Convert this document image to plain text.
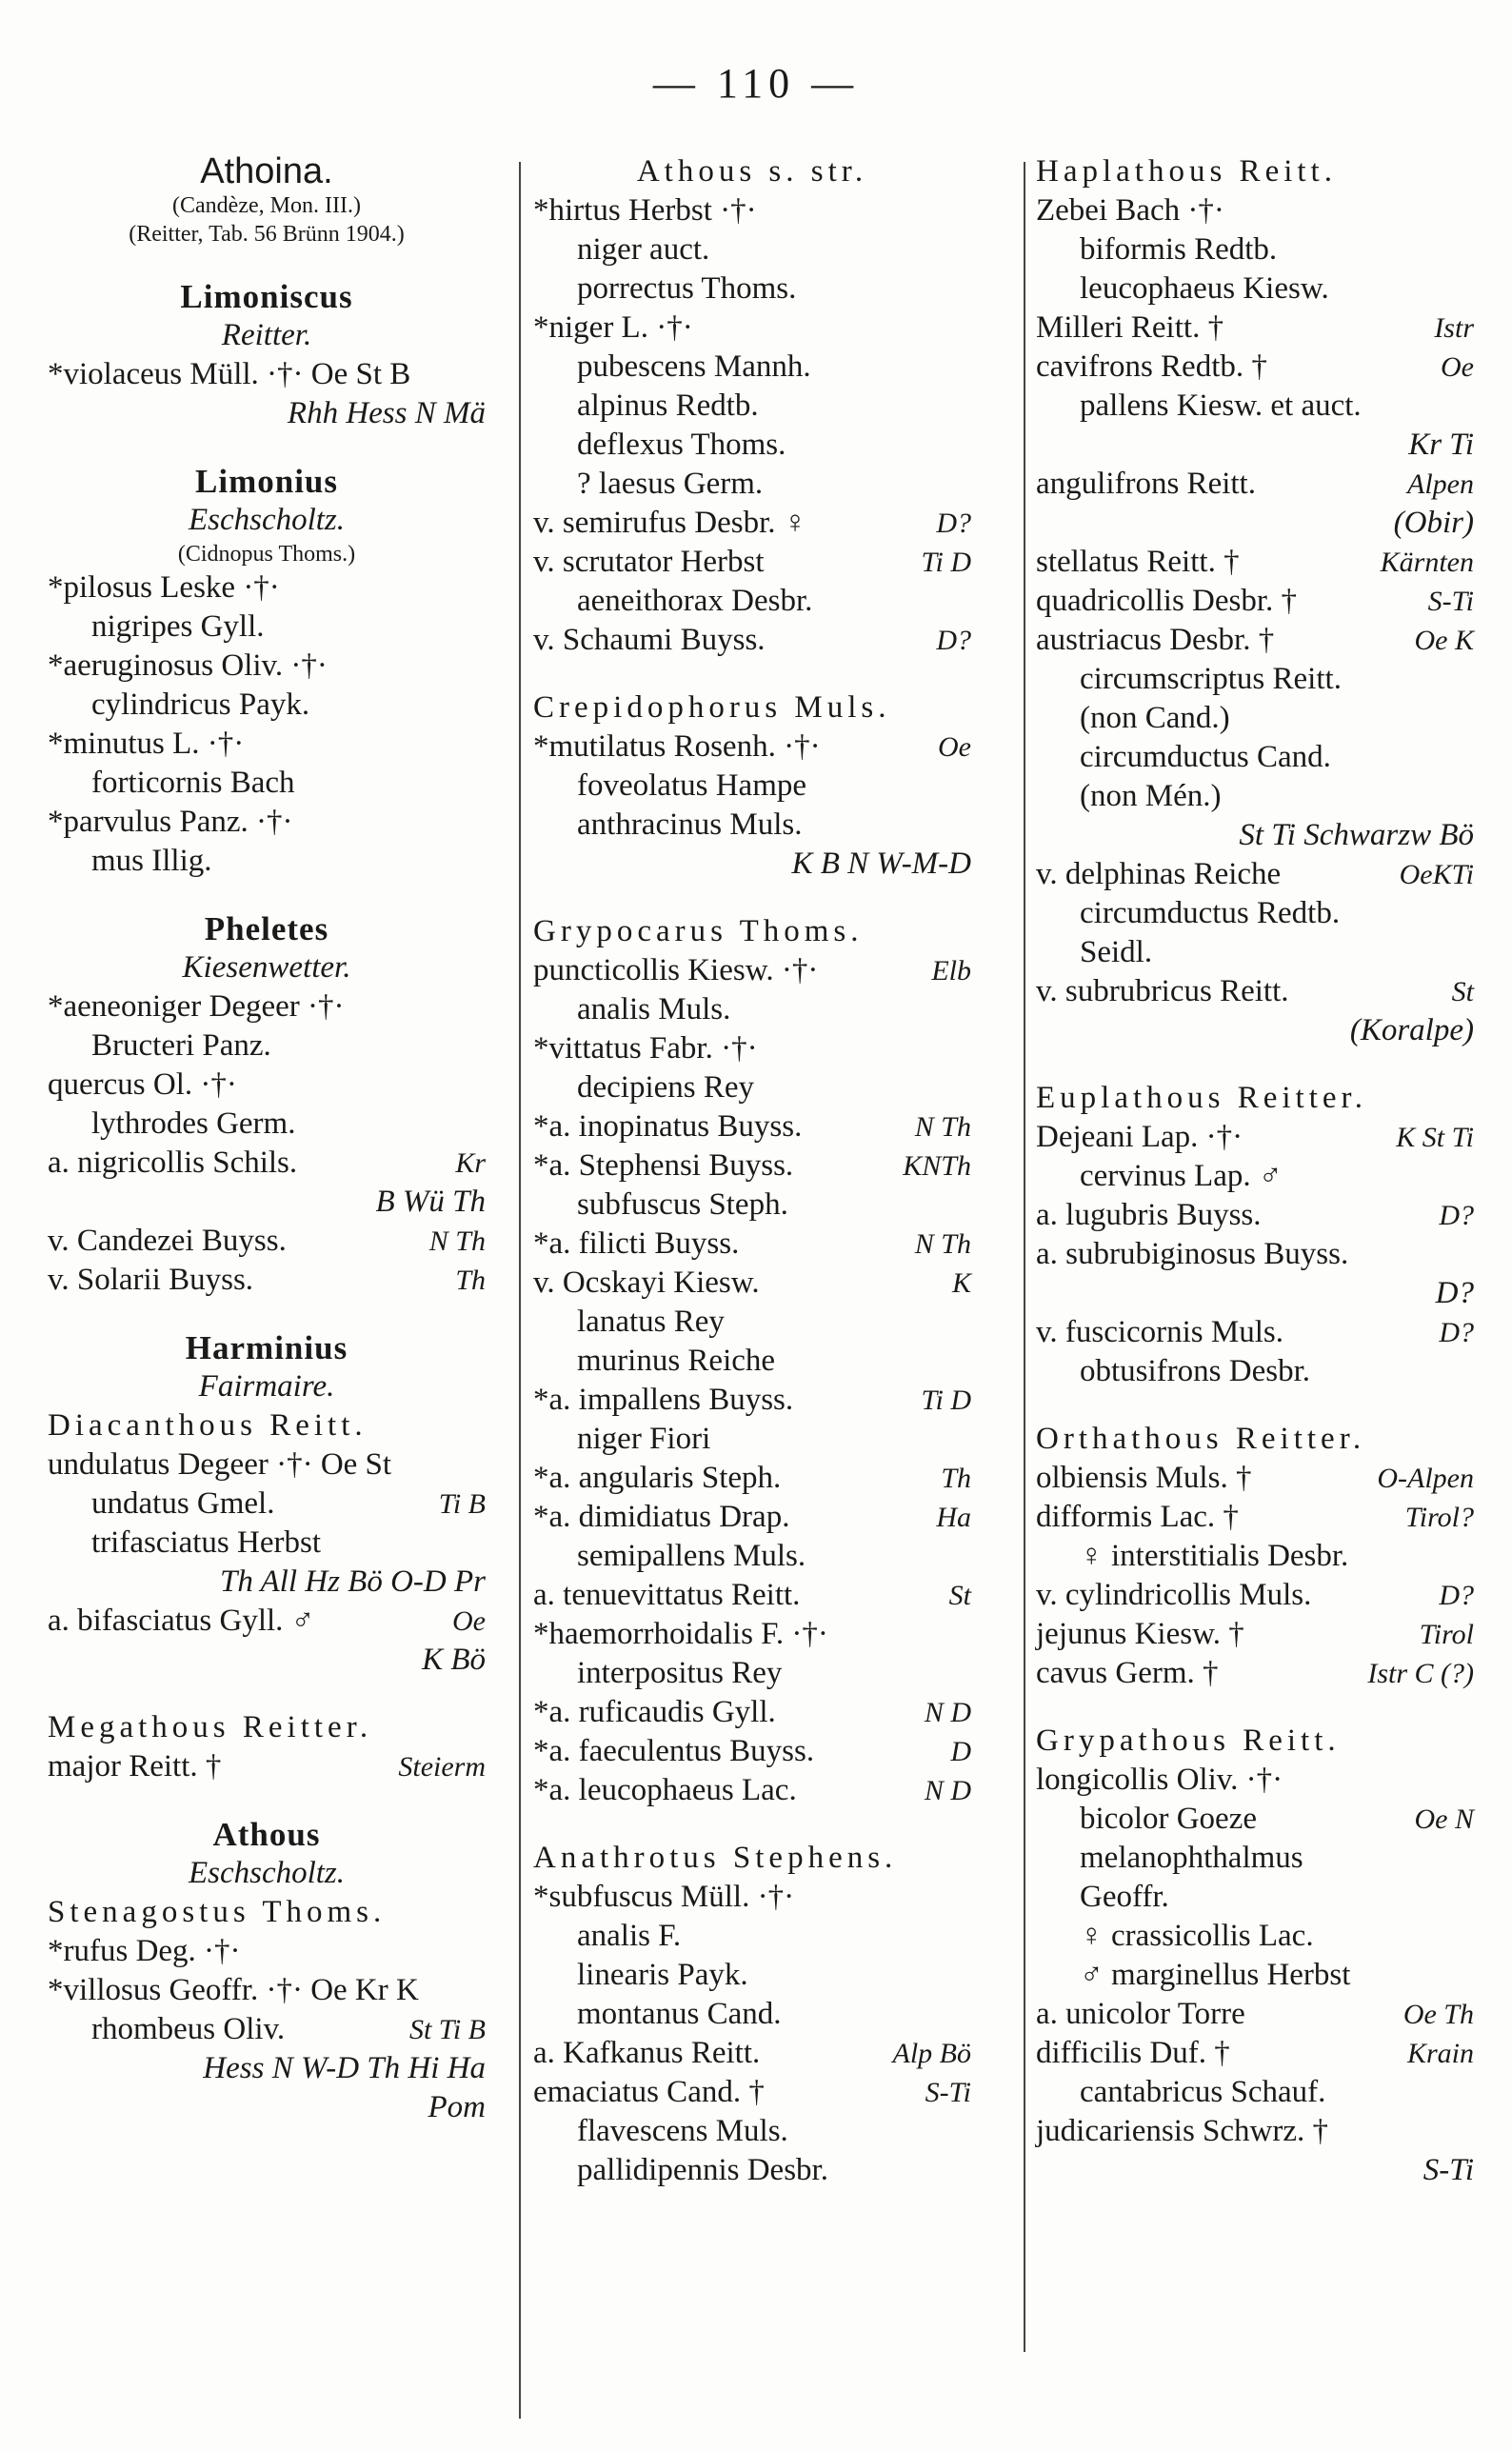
— 110 —
Athoina.
(Candèze, Mon. III.)
(Reitter, Tab. 56 Brünn 1904.)
Limoniscus
Reitter.
*violaceus Müll. ·†· Oe St B
Rhh Hess N Mä
Limonius
Eschscholtz.
(Cidnopus Thoms.)
*pilosus Leske ·†·
nigripes Gyll.
*aeruginosus Oliv. ·†·
cylindricus Payk.
*minutus L. ·†·
forticornis Bach
*parvulus Panz. ·†·
mus Illig.
Pheletes
Kiesenwetter.
*aeneoniger Degeer ·†·
Bructeri Panz.
quercus Ol. ·†·
lythrodes Germ.
a. nigricollis Schils.	Kr
B Wü Th
v. Candezei Buyss.	N Th
v. Solarii Buyss.	Th
Harminius
Fairmaire.
Diacanthous Reitt.
undulatus Degeer ·†· Oe St
undatus Gmel.	Ti B
trifasciatus Herbst
Th All Hz Bö O-D Pr
a. bifasciatus Gyll. ♂	Oe
K Bö
Megathous Reitter.
major Reitt. †	Steierm
Athous
Eschscholtz.
Stenagostus Thoms.
*rufus Deg. ·†·
*villosus Geoffr. ·†· Oe Kr K
rhombeus Oliv.	St Ti B
Hess N W-D Th Hi Ha
Pom
Athous s. str.
*hirtus Herbst ·†·
niger auct.
porrectus Thoms.
*niger L. ·†·
pubescens Mannh.
alpinus Redtb.
deflexus Thoms.
? laesus Germ.
v. semirufus Desbr. ♀	D?
v. scrutator Herbst	Ti D
aeneithorax Desbr.
v. Schaumi Buyss.	D?
Crepidophorus Muls.
*mutilatus Rosenh. ·†·	Oe
foveolatus Hampe
anthracinus Muls.
K B N W-M-D
Grypocarus Thoms.
puncticollis Kiesw. ·†·	Elb
analis Muls.
*vittatus Fabr. ·†·
decipiens Rey
*a. inopinatus Buyss.	N Th
*a. Stephensi Buyss.	KNTh
subfuscus Steph.
*a. filicti Buyss.	N Th
v. Ocskayi Kiesw.	K
lanatus Rey
murinus Reiche
*a. impallens Buyss.	Ti D
niger Fiori
*a. angularis Steph.	Th
*a. dimidiatus Drap.	Ha
semipallens Muls.
a. tenuevittatus Reitt.	St
*haemorrhoidalis F. ·†·
interpositus Rey
*a. ruficaudis Gyll.	N D
*a. faeculentus Buyss.	D
*a. leucophaeus Lac.	N D
Anathrotus Stephens.
*subfuscus Müll. ·†·
analis F.
linearis Payk.
montanus Cand.
a. Kafkanus Reitt.	Alp Bö
emaciatus Cand. †	S-Ti
flavescens Muls.
pallidipennis Desbr.
Haplathous Reitt.
Zebei Bach ·†·
biformis Redtb.
leucophaeus Kiesw.
Milleri Reitt. †	Istr
cavifrons Redtb. †	Oe
pallens Kiesw. et auct.
Kr Ti
angulifrons Reitt.	Alpen
(Obir)
stellatus Reitt. †	Kärnten
quadricollis Desbr. †	S-Ti
austriacus Desbr. †	Oe K
circumscriptus Reitt.
(non Cand.)
circumductus Cand.
(non Mén.)
St Ti Schwarzw Bö
v. delphinas Reiche	OeKTi
circumductus Redtb.
Seidl.
v. subrubricus Reitt.	St
(Koralpe)
Euplathous Reitter.
Dejeani Lap. ·†·	K St Ti
cervinus Lap. ♂
a. lugubris Buyss.	D?
a. subrubiginosus Buyss.
D?
v. fuscicornis Muls.	D?
obtusifrons Desbr.
Orthathous Reitter.
olbiensis Muls. †	O-Alpen
difformis Lac. †	Tirol?
♀ interstitialis Desbr.
v. cylindricollis Muls.	D?
jejunus Kiesw. †	Tirol
cavus Germ. †	Istr C (?)
Grypathous Reitt.
longicollis Oliv. ·†·
bicolor Goeze	Oe N
melanophthalmus
Geoffr.
♀ crassicollis Lac.
♂ marginellus Herbst
a. unicolor Torre	Oe Th
difficilis Duf. †	Krain
cantabricus Schauf.
judicariensis Schwrz. †
S-Ti
